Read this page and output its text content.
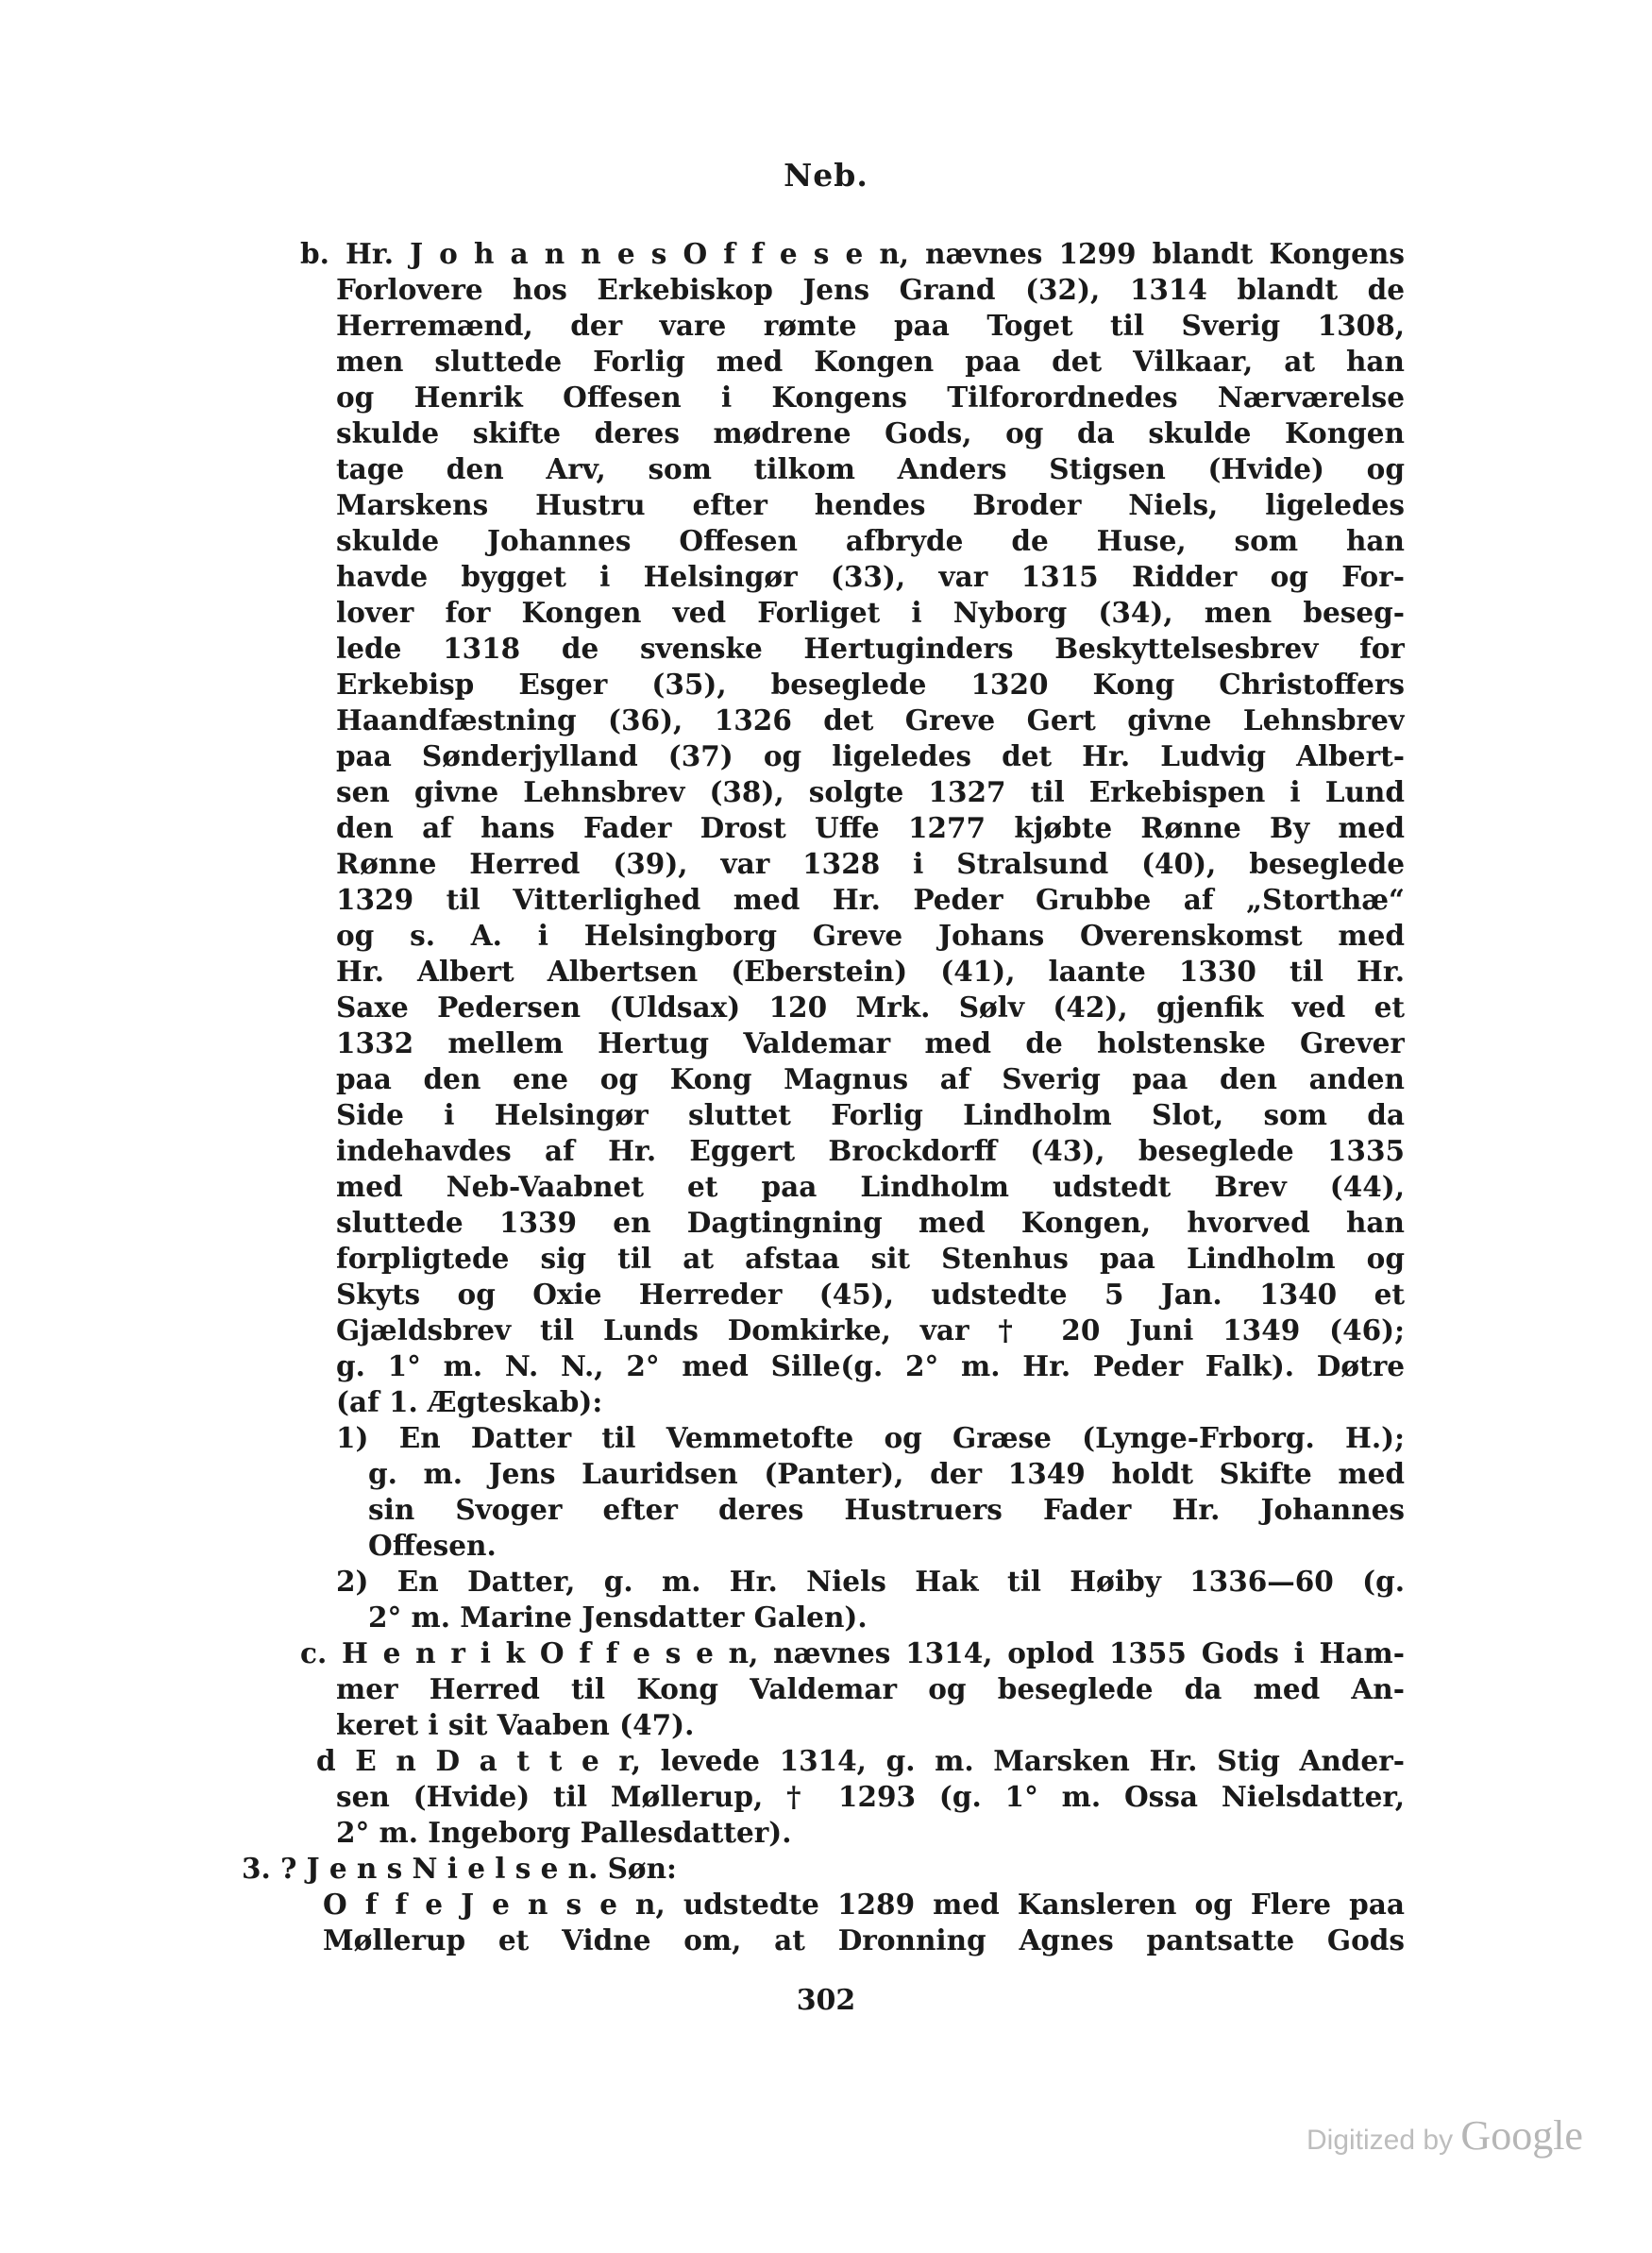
Neb.
b. Hr. J o h a n n e s O f f e s e n, nævnes 1299 blandt Kongens
Forlovere hos Erkebiskop Jens Grand (32), 1314 blandt de
Herremænd, der vare rømte paa Toget til Sverig 1308,
men sluttede Forlig med Kongen paa det Vilkaar, at han
og Henrik Offesen i Kongens Tilforordnedes Nærværelse
skulde skifte deres mødrene Gods, og da skulde Kongen
tage den Arv, som tilkom Anders Stigsen (Hvide) og
Marskens Hustru efter hendes Broder Niels, ligeledes
skulde Johannes Offesen afbryde de Huse, som han
havde bygget i Helsingør (33), var 1315 Ridder og For-
lover for Kongen ved Forliget i Nyborg (34), men beseg-
lede 1318 de svenske Hertuginders Beskyttelsesbrev for
Erkebisp Esger (35), beseglede 1320 Kong Christoffers
Haandfæstning (36), 1326 det Greve Gert givne Lehnsbrev
paa Sønderjylland (37) og ligeledes det Hr. Ludvig Albert-
sen givne Lehnsbrev (38), solgte 1327 til Erkebispen i Lund
den af hans Fader Drost Uffe 1277 kjøbte Rønne By med
Rønne Herred (39), var 1328 i Stralsund (40), beseglede
1329 til Vitterlighed med Hr. Peder Grubbe af „Storthæ“
og s. A. i Helsingborg Greve Johans Overenskomst med
Hr. Albert Albertsen (Eberstein) (41), laante 1330 til Hr.
Saxe Pedersen (Uldsax) 120 Mrk. Sølv (42), gjenfik ved et
1332 mellem Hertug Valdemar med de holstenske Grever
paa den ene og Kong Magnus af Sverig paa den anden
Side i Helsingør sluttet Forlig Lindholm Slot, som da
indehavdes af Hr. Eggert Brockdorff (43), beseglede 1335
med Neb-Vaabnet et paa Lindholm udstedt Brev (44),
sluttede 1339 en Dagtingning med Kongen, hvorved han
forpligtede sig til at afstaa sit Stenhus paa Lindholm og
Skyts og Oxie Herreder (45), udstedte 5 Jan. 1340 et
Gjældsbrev til Lunds Domkirke, var † 20 Juni 1349 (46);
g. 1° m. N. N., 2° med Sille(g. 2° m. Hr. Peder Falk). Døtre
(af 1. Ægteskab):
1) En Datter til Vemmetofte og Græse (Lynge-Frborg. H.);
g. m. Jens Lauridsen (Panter), der 1349 holdt Skifte med
sin Svoger efter deres Hustruers Fader Hr. Johannes
Offesen.
2) En Datter, g. m. Hr. Niels Hak til Høiby 1336—60 (g.
2° m. Marine Jensdatter Galen).
c. H e n r i k O f f e s e n, nævnes 1314, oplod 1355 Gods i Ham-
mer Herred til Kong Valdemar og beseglede da med An-
keret i sit Vaaben (47).
d E n D a t t e r, levede 1314, g. m. Marsken Hr. Stig Ander-
sen (Hvide) til Møllerup, † 1293 (g. 1° m. Ossa Nielsdatter,
2° m. Ingeborg Pallesdatter).
3. ? J e n s N i e l s e n. Søn:
O f f e J e n s e n, udstedte 1289 med Kansleren og Flere paa
Møllerup et Vidne om, at Dronning Agnes pantsatte Gods
302
Digitized by Google
